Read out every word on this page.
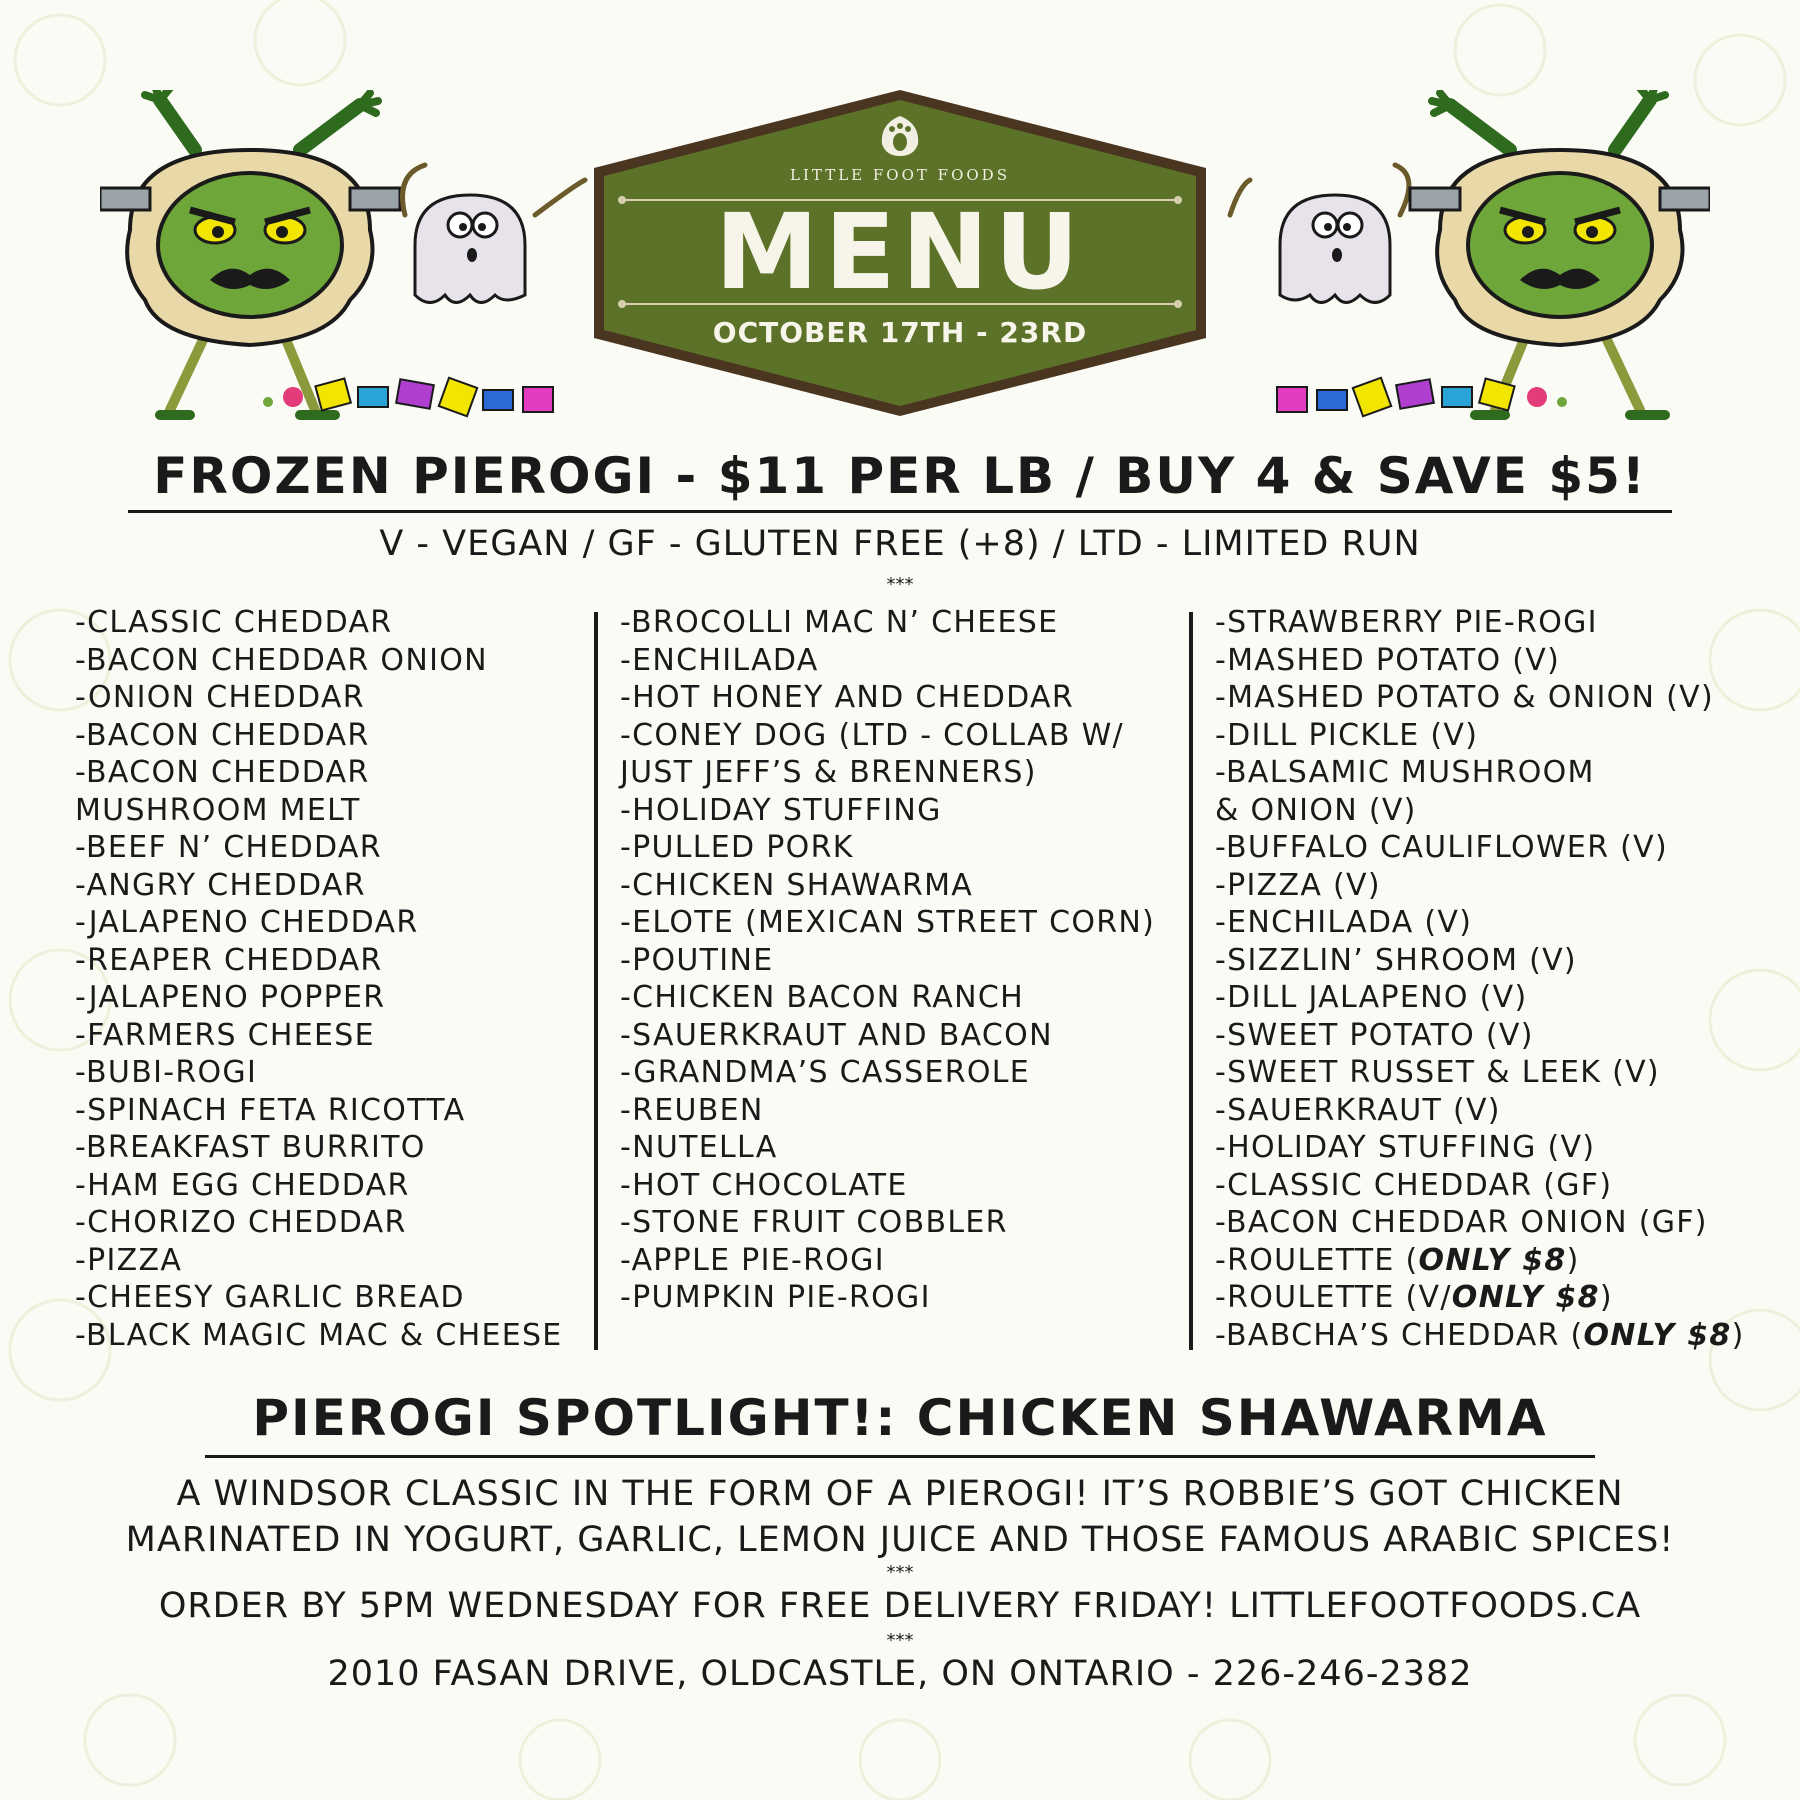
LITTLE FOOT FOODS
MENU
OCTOBER 17TH - 23RD
FROZEN PIEROGI - $11 PER LB / BUY 4 & SAVE $5!
V - VEGAN / GF - GLUTEN FREE (+8) / LTD - LIMITED RUN
***
-CLASSIC CHEDDAR
-BACON CHEDDAR ONION
-ONION CHEDDAR
-BACON CHEDDAR
-BACON CHEDDAR
MUSHROOM MELT
-BEEF N’ CHEDDAR
-ANGRY CHEDDAR
-JALAPENO CHEDDAR
-REAPER CHEDDAR
-JALAPENO POPPER
-FARMERS CHEESE
-BUBI-ROGI
-SPINACH FETA RICOTTA
-BREAKFAST BURRITO
-HAM EGG CHEDDAR
-CHORIZO CHEDDAR
-PIZZA
-CHEESY GARLIC BREAD
-BLACK MAGIC MAC & CHEESE
-BROCOLLI MAC N’ CHEESE
-ENCHILADA
-HOT HONEY AND CHEDDAR
-CONEY DOG (LTD - COLLAB W/
JUST JEFF’S & BRENNERS)
-HOLIDAY STUFFING
-PULLED PORK
-CHICKEN SHAWARMA
-ELOTE (MEXICAN STREET CORN)
-POUTINE
-CHICKEN BACON RANCH
-SAUERKRAUT AND BACON
-GRANDMA’S CASSEROLE
-REUBEN
-NUTELLA
-HOT CHOCOLATE
-STONE FRUIT COBBLER
-APPLE PIE-ROGI
-PUMPKIN PIE-ROGI
-STRAWBERRY PIE-ROGI
-MASHED POTATO (V)
-MASHED POTATO & ONION (V)
-DILL PICKLE (V)
-BALSAMIC MUSHROOM
& ONION (V)
-BUFFALO CAULIFLOWER (V)
-PIZZA (V)
-ENCHILADA (V)
-SIZZLIN’ SHROOM (V)
-DILL JALAPENO (V)
-SWEET POTATO (V)
-SWEET RUSSET & LEEK (V)
-SAUERKRAUT (V)
-HOLIDAY STUFFING (V)
-CLASSIC CHEDDAR (GF)
-BACON CHEDDAR ONION (GF)
-ROULETTE (ONLY $8)
-ROULETTE (V/ONLY $8)
-BABCHA’S CHEDDAR (ONLY $8)
PIEROGI SPOTLIGHT!: CHICKEN SHAWARMA
A WINDSOR CLASSIC IN THE FORM OF A PIEROGI! IT’S ROBBIE’S GOT CHICKEN
MARINATED IN YOGURT, GARLIC, LEMON JUICE AND THOSE FAMOUS ARABIC SPICES!
***
ORDER BY 5PM WEDNESDAY FOR FREE DELIVERY FRIDAY! LITTLEFOOTFOODS.CA
***
2010 FASAN DRIVE, OLDCASTLE, ON ONTARIO - 226-246-2382
